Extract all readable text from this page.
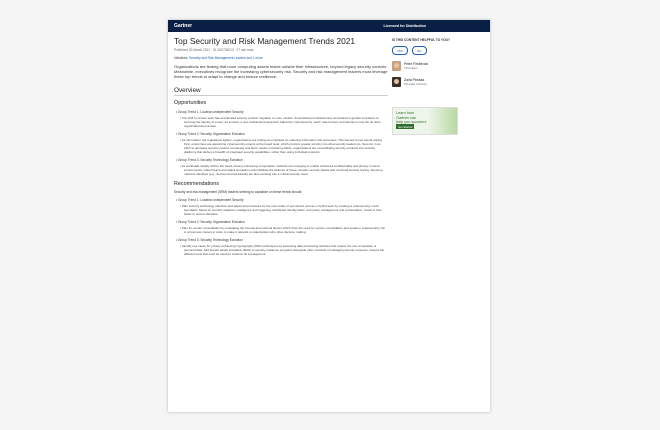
Gartner	Licensed for Distribution
Top Security and Risk Management Trends 2021
Published 30 March 2021 · ID G00736210 · 27 min read
Initiatives: Security and Risk Management Leaders and 1 more
Organizations are finding that more computing assets reside outside their infrastructure, beyond legacy security controls. Meanwhile, executives recognize the increasing cybersecurity risk. Security and risk management leaders must leverage these top trends to adapt to change and ensure resilience.
Overview
Opportunities
• Group Trend 1: Location-Independent Security
• The shift to remote work has accelerated security product migration to more modern cloud-delivered infrastructure and placed a greater emphasis on securing the identity of a user. As a result, a new architectural approach called the "cybersecurity mesh" was formed, and identity is now the de facto organizational perimeter.
• Group Trend 2: Security Organization Evolution
• As information risk regulations tighten, organizations are putting an emphasis on maturing information risk processes. This has led to two trends arising. First, enterprises are appointing cybersecurity experts at the board level, which prompts greater scrutiny into what security leaders do. Second, in an effort to decrease security product complexity and favor vendor monitoring efforts, organizations are consolidating security products into security platforms that deliver a breadth of integrated security capabilities, rather than using individual products.
• Group Trend 3: Security Technology Evolution
• As workloads rapidly shift to the cloud, privacy-enhancing computation methods are emerging to enable enhanced confidentiality and privacy in cloud environments, while breach and attack simulation tools facilitate the defense of these complex security stacks with continual security testing. Securing machine identities (e.g., devices and workloads) are also evolving into a critical security need.
Recommendations
Security and risk management (SRM) leaders seeking to capitalize on these trends should:
• Group Trend 1: Location-Independent Security
• Plan security technology selection and adjust old processes for the new reality of permanent remote or hybrid work by creating a cybersecurity mesh foundation based on security analytics, intelligence and triggering, distributed identity fabric, and policy management and orchestration. Invest in how better to secure identities.
• Group Trend 2: Security Organization Evolution
• Plan for vendor consolidation by evaluating the internal and external factors which drive the need for vendor consolidation and speak to cybersecurity risk in a business context in order to make it relevant to stakeholders who drive decision making.
• Group Trend 3: Security Technology Evolution
• Identify use cases for privacy-enhancing cryptography (PEC) techniques by assessing data processing activities that require the use of sensitive or personal data. Add breach attack simulation (BAS) to security resilience programs alongside other methods of managing security exposure. Assess the different tools that must be used for machine ID management.
IS THIS CONTENT HELPFUL TO YOU?
YES	NO
Peter Firstbrook
VP Analyst
Zaira Pirzada
Principal, Advisory
Learn how
Gartner can
help you succeed.
Get Started
